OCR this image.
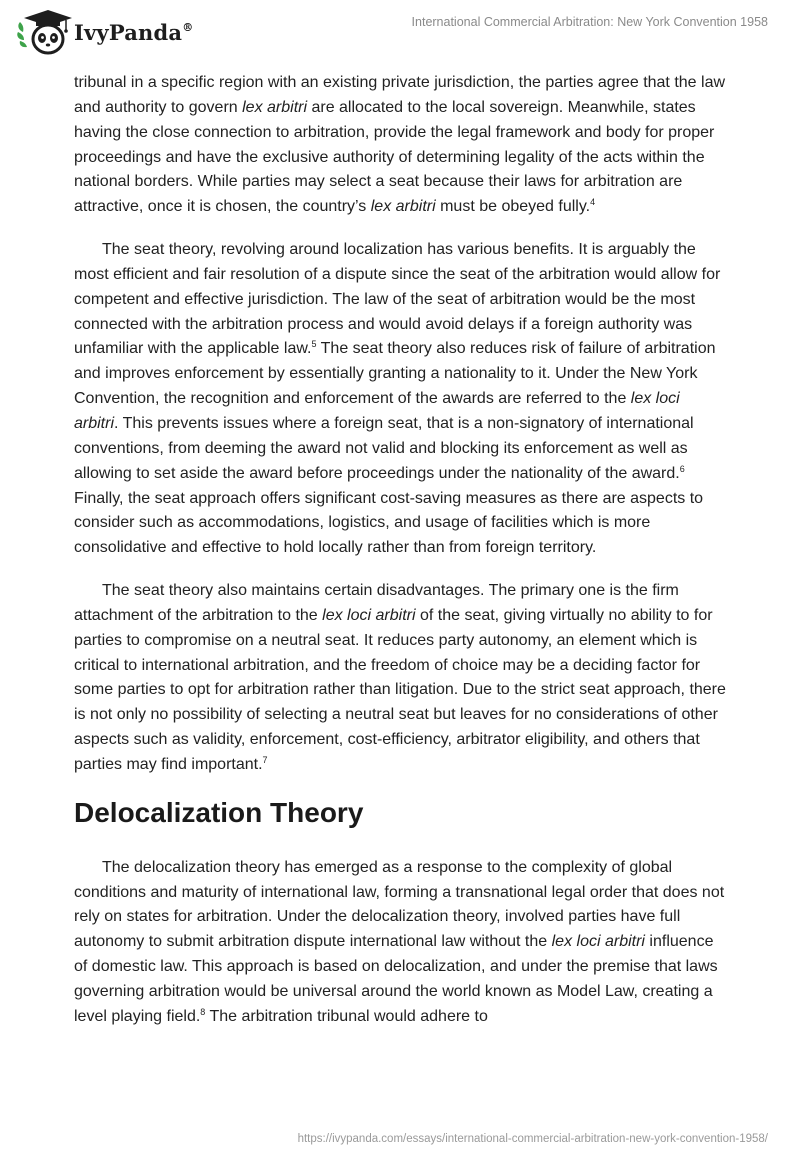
IvyPanda®	International Commercial Arbitration: New York Convention 1958

tribunal in a specific region with an existing private jurisdiction, the parties agree that the law and authority to govern lex arbitri are allocated to the local sovereign. Meanwhile, states having the close connection to arbitration, provide the legal framework and body for proper proceedings and have the exclusive authority of determining legality of the acts within the national borders. While parties may select a seat because their laws for arbitration are attractive, once it is chosen, the country’s lex arbitri must be obeyed fully.$^4$

The seat theory, revolving around localization has various benefits. It is arguably the most efficient and fair resolution of a dispute since the seat of the arbitration would allow for competent and effective jurisdiction. The law of the seat of arbitration would be the most connected with the arbitration process and would avoid delays if a foreign authority was unfamiliar with the applicable law.$^5$ The seat theory also reduces risk of failure of arbitration and improves enforcement by essentially granting a nationality to it. Under the New York Convention, the recognition and enforcement of the awards are referred to the lex loci arbitri. This prevents issues where a foreign seat, that is a non-signatory of international conventions, from deeming the award not valid and blocking its enforcement as well as allowing to set aside the award before proceedings under the nationality of the award.$^6$ Finally, the seat approach offers significant cost-saving measures as there are aspects to consider such as accommodations, logistics, and usage of facilities which is more consolidative and effective to hold locally rather than from foreign territory.

The seat theory also maintains certain disadvantages. The primary one is the firm attachment of the arbitration to the lex loci arbitri of the seat, giving virtually no ability to for parties to compromise on a neutral seat. It reduces party autonomy, an element which is critical to international arbitration, and the freedom of choice may be a deciding factor for some parties to opt for arbitration rather than litigation. Due to the strict seat approach, there is not only no possibility of selecting a neutral seat but leaves for no considerations of other aspects such as validity, enforcement, cost-efficiency, arbitrator eligibility, and others that parties may find important.$^7$

Delocalization Theory

The delocalization theory has emerged as a response to the complexity of global conditions and maturity of international law, forming a transnational legal order that does not rely on states for arbitration. Under the delocalization theory, involved parties have full autonomy to submit arbitration dispute international law without the lex loci arbitri influence of domestic law. This approach is based on delocalization, and under the premise that laws governing arbitration would be universal around the world known as Model Law, creating a level playing field.$^8$ The arbitration tribunal would adhere to

https://ivypanda.com/essays/international-commercial-arbitration-new-york-convention-1958/
